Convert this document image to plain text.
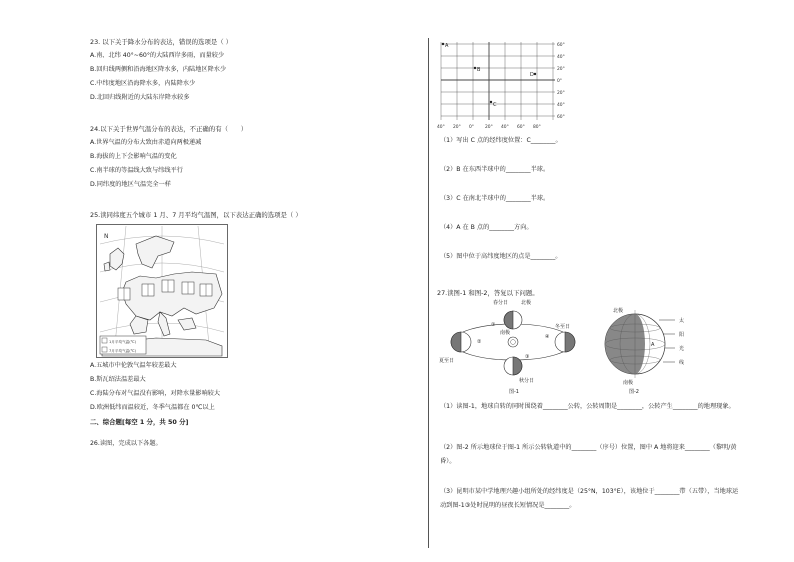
23. 以下关于降水分布的表达，错误的选项是（ ）
A.南、北纬 40°~60°的大陆西岸多雨，而量较少
B.回归线两侧和沿海地区降水多，内陆地区降水少
C.中纬度地区沿海降水多，内陆降水少
D.北回归线附近的大陆东岸降水较多
24.以下关于世界气温分布的表达，不正确的有（　　）
A.世界气温的分布大致由赤道向两极递减
B.海拔的上下会影响气温的变化
C.南半球的等温线大致与纬线平行
D.同纬度的地区气温完全一样
25.读同纬度五个城市 1 月、7 月平均气温图，以下表达正确的选项是（ ）
N
1月平均气温(℃)
7月平均气温(℃)
A.五城市中伦敦气温年较差最大
B.斯瓦绍法温差最大
C.海陆分布对气温没有影响，对降水量影响较大
D.欧洲低纬而温较近，冬季气温都在 0℃以上
二、综合题[每空 1 分，共 50 分]
26.读图，完成以下各题。
60°
40°
20°
0°
20°
40°
60°
40° 20° 0°	20° 40° 60° 80°
A
B
C
D
（1）写出 C 点的经纬度位置：C________。
（2）B 在东西半球中的________半球。
（3）C 在南北半球中的________半球。
（4）A 在 B 点的________方向。
（5）图中位于高纬度地区的点是________。
27.读图-1 和图-2，答复以下问题。
春分日	北极
南极
冬至日
夏至日
秋分日
①
②
③
④
图-1
北极
南极
太
阳
光
线
A
图-2
（1）读图-1，地球自转的同时围绕着________公转，公转周期是________，公转产生________的地理现象。
（2）图-2 所示地球位于图-1 所示公转轨道中的________（序号）位置，图中 A 地将迎来________（黎明/黄
昏）。
（3）昆明市某中学地理兴趣小组所处的经纬度是（25°N，103°E），该地位于________带（五带），当地球运
动到图-1③处时昆明的昼夜长短情况是________。
